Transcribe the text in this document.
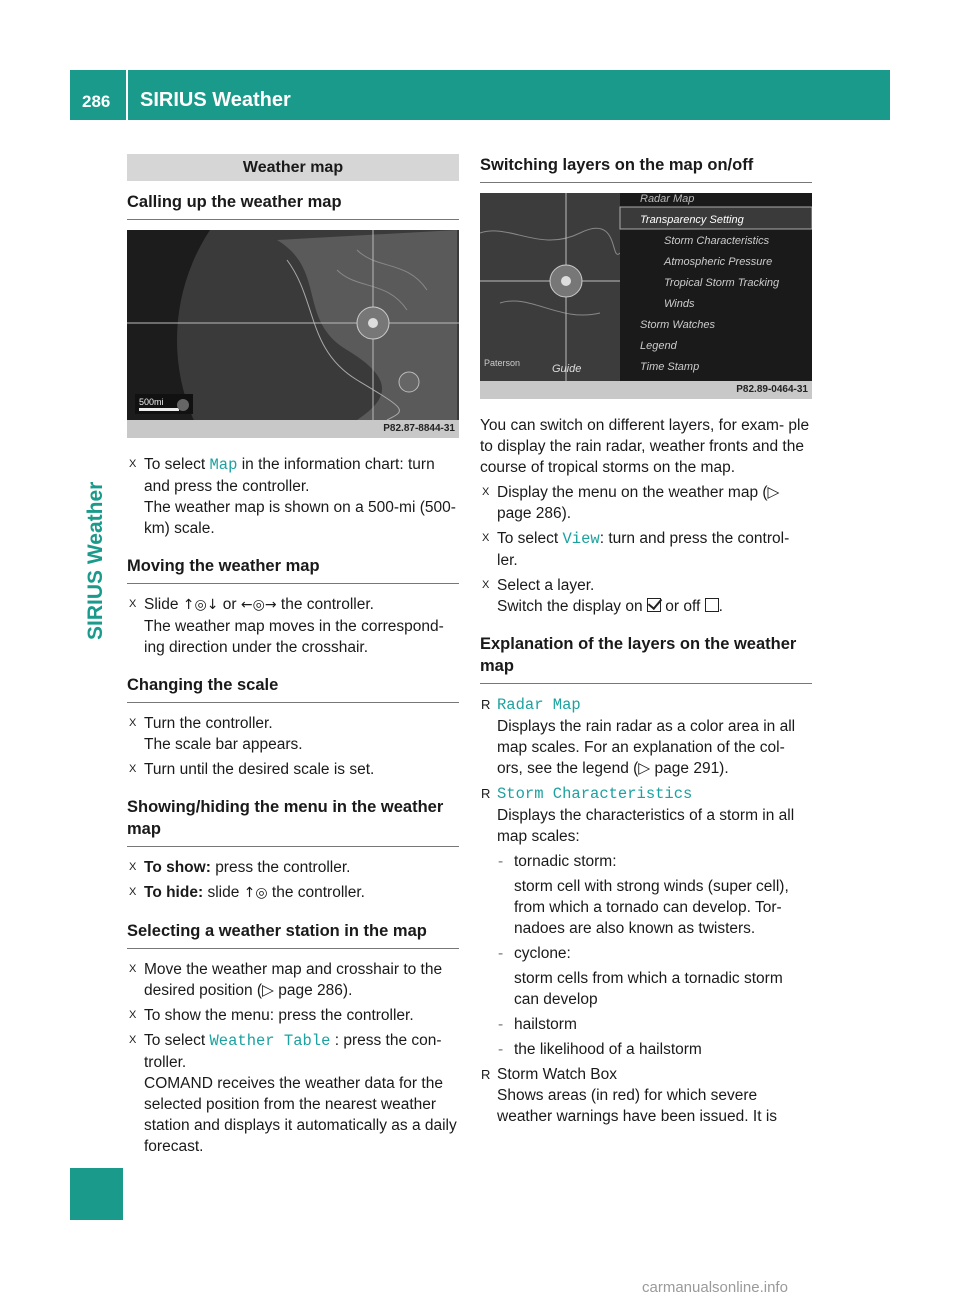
286 SIRIUS Weather
SIRIUS Weather
Weather map
Calling up the weather map
500mi
P82.87-8844-31
X To select Map in the information chart: turn and press the controller.
The weather map is shown on a 500-mi (500-km) scale.
Moving the weather map
X Slide ↑◎↓ or ←◎→ the controller.
The weather map moves in the correspond- ing direction under the crosshair.
Changing the scale
X Turn the controller.
The scale bar appears.
X Turn until the desired scale is set.
Showing/hiding the menu in the weather map
X To show: press the controller.
X To hide: slide ↑◎ the controller.
Selecting a weather station in the map
X Move the weather map and crosshair to the desired position (▷ page 286).
X To show the menu: press the controller.
X To select Weather Table : press the con- troller.
COMAND receives the weather data for the selected position from the nearest weather station and displays it automatically as a daily forecast.
Switching layers on the map on/off
Radar Map
Transparency Setting
Storm Characteristics
Atmospheric Pressure
Tropical Storm Tracking
Winds
Storm Watches
Legend
Time Stamp
Paterson	Guide
P82.89-0464-31
You can switch on different layers, for exam- ple to display the rain radar, weather fronts and the course of tropical storms on the map.
X Display the menu on the weather map (▷ page 286).
X To select View: turn and press the control- ler.
X Select a layer.
Switch the display on or off .
Explanation of the layers on the weather map
R Radar Map
Displays the rain radar as a color area in all map scales. For an explanation of the col- ors, see the legend (▷ page 291).
R Storm Characteristics
Displays the characteristics of a storm in all map scales:
- tornadic storm:
storm cell with strong winds (super cell), from which a tornado can develop. Tor- nadoes are also known as twisters.
- cyclone:
storm cells from which a tornadic storm can develop
- hailstorm
- the likelihood of a hailstorm
R Storm Watch Box
Shows areas (in red) for which severe weather warnings have been issued. It is
carmanualsonline.info
